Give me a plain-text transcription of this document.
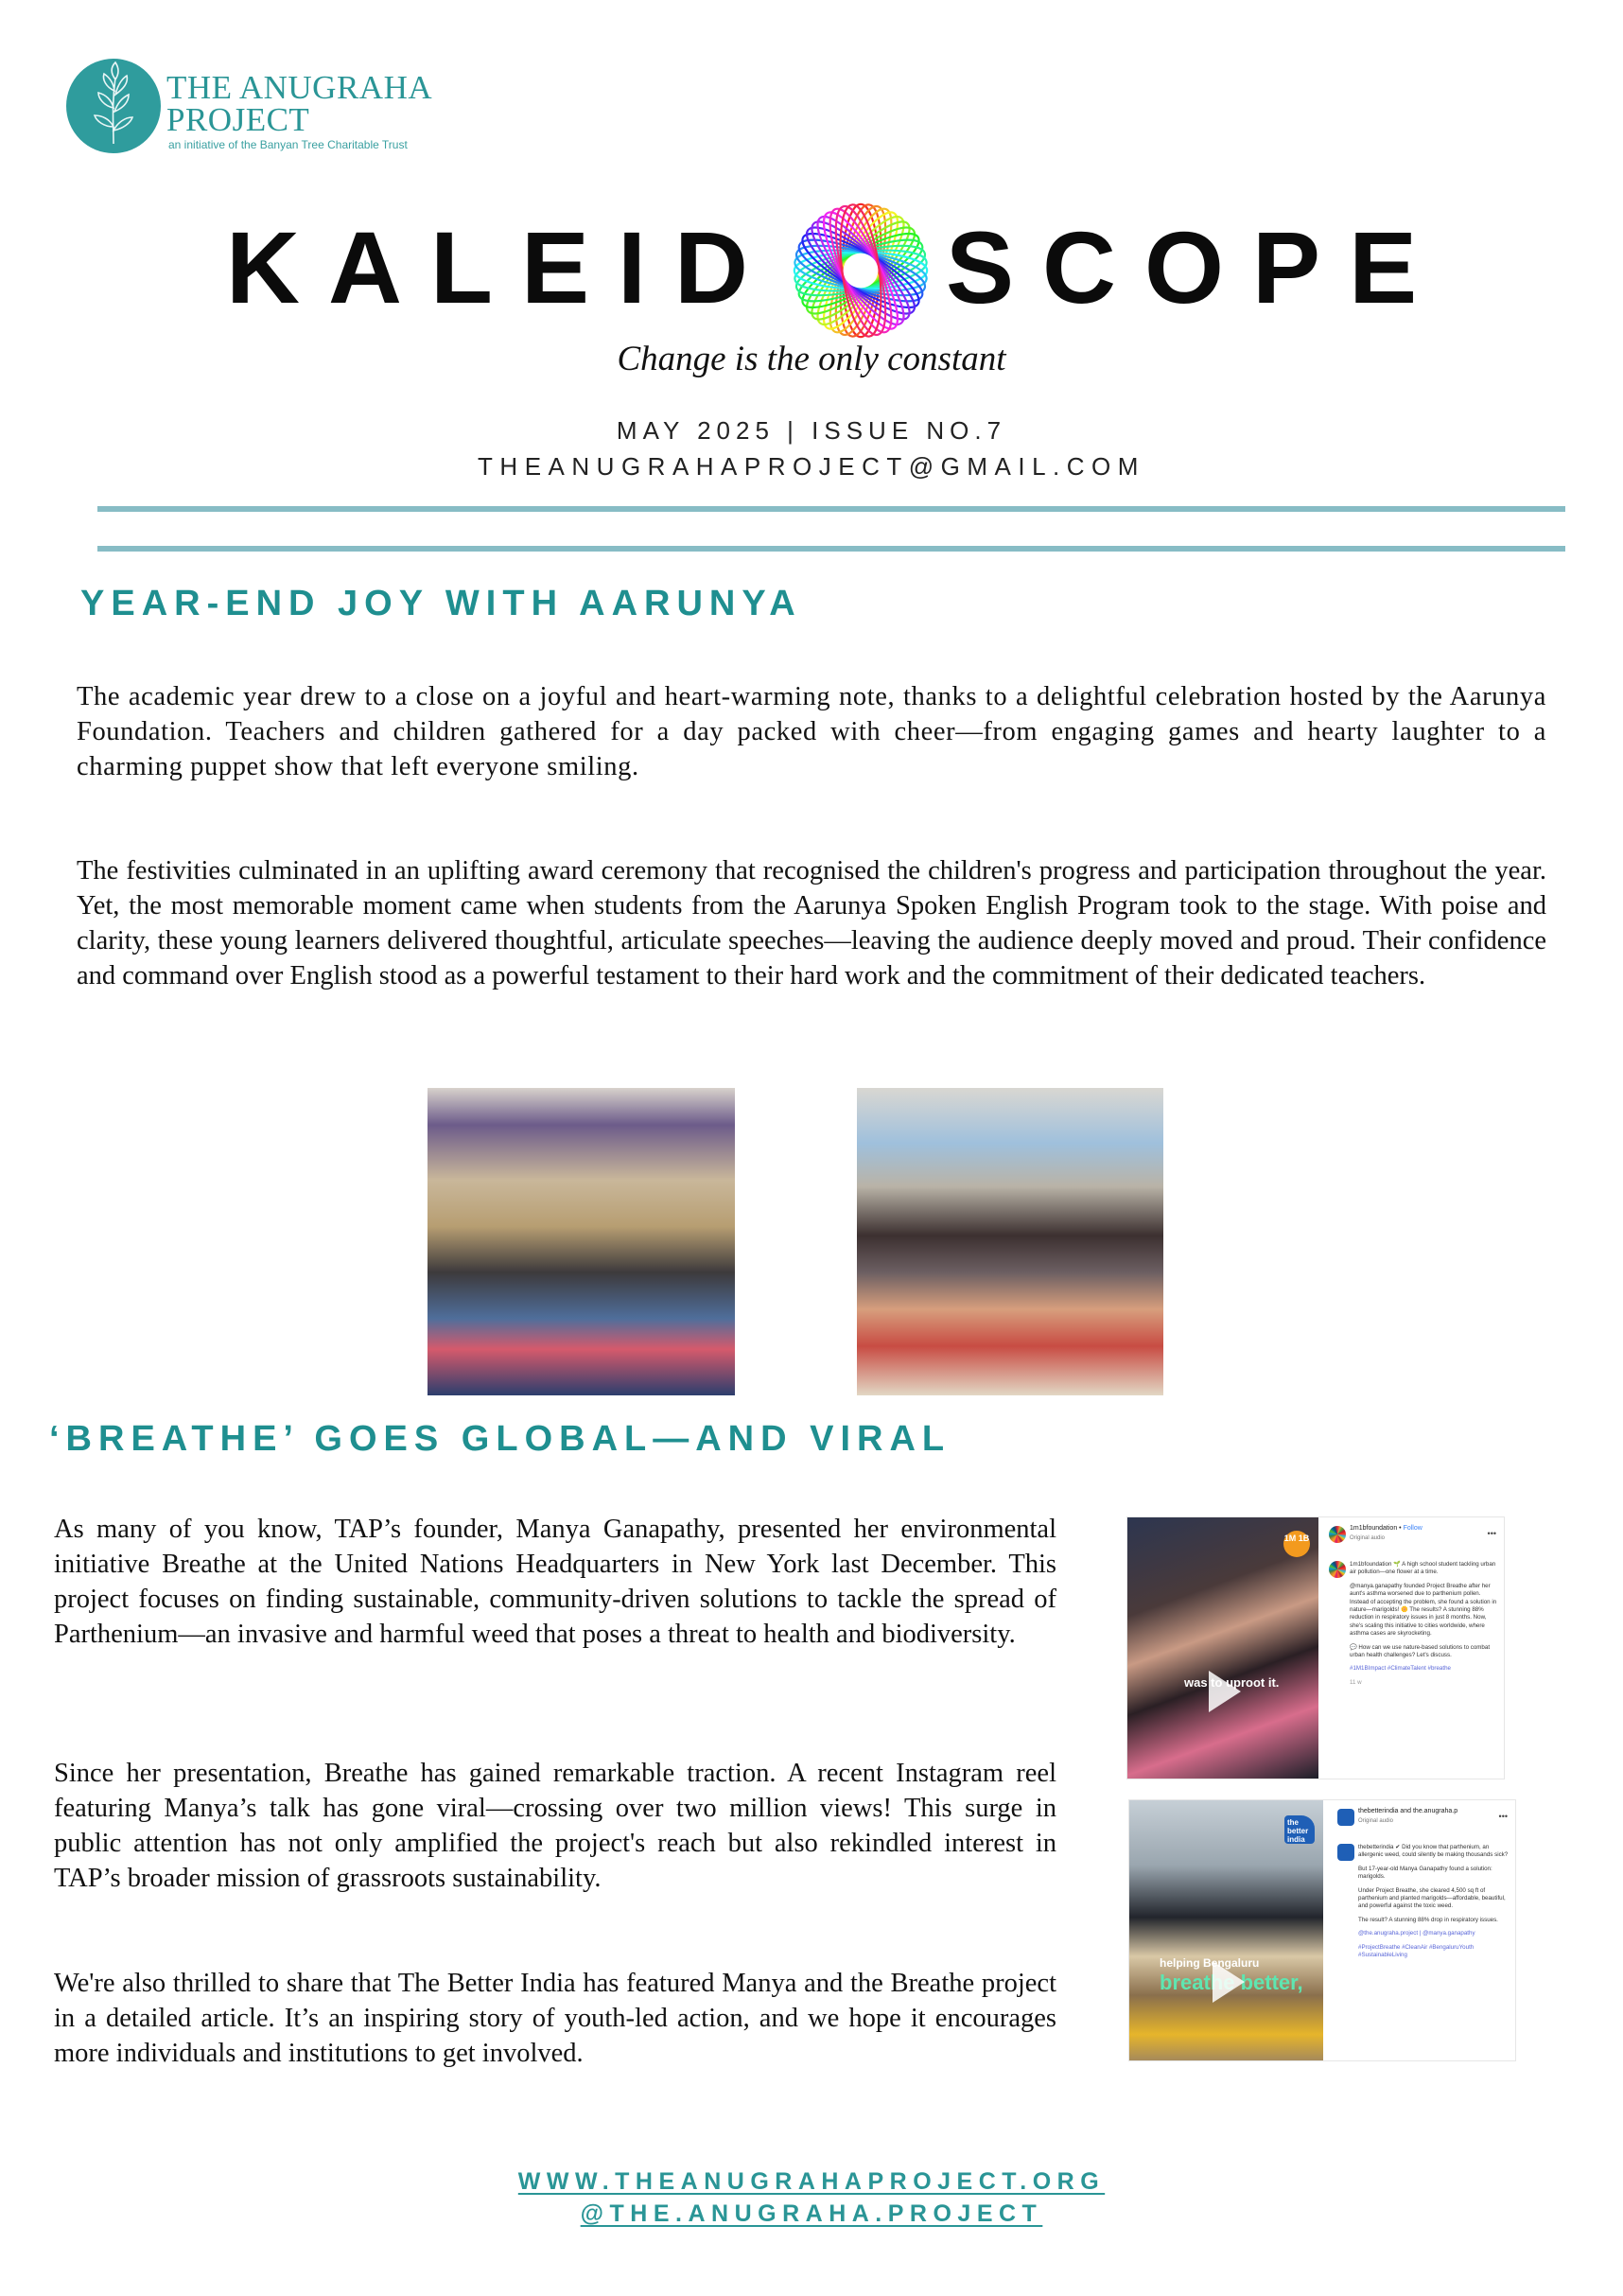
THE ANUGRAHA
PROJECT
an initiative of the Banyan Tree Charitable Trust
KALEID SCOPE
Change is the only constant
MAY 2025 | ISSUE NO.7
THEANUGRAHAPROJECT@GMAIL.COM
YEAR-END JOY WITH AARUNYA
The academic year drew to a close on a joyful and heart-warming note, thanks to a delightful celebration hosted by the Aarunya Foundation. Teachers and children gathered for a day packed with cheer—from engaging games and hearty laughter to a charming puppet show that left everyone smiling.
The festivities culminated in an uplifting award ceremony that recognised the children's progress and participation throughout the year. Yet, the most memorable moment came when students from the Aarunya Spoken English Program took to the stage. With poise and clarity, these young learners delivered thoughtful, articulate speeches—leaving the audience deeply moved and proud. Their confidence and command over English stood as a powerful testament to their hard work and the commitment of their dedicated teachers.
‘BREATHE’ GOES GLOBAL—AND VIRAL
As many of you know, TAP’s founder, Manya Ganapathy, presented her environmental initiative Breathe at the United Nations Headquarters in New York last December. This project focuses on finding sustainable, community-driven solutions to tackle the spread of Parthenium—an invasive and harmful weed that poses a threat to health and biodiversity.
Since her presentation, Breathe has gained remarkable traction. A recent Instagram reel featuring Manya’s talk has gone viral—crossing over two million views! This surge in public attention has not only amplified the project's reach but also rekindled interest in TAP’s broader mission of grassroots sustainability.
We're also thrilled to share that The Better India has featured Manya and the Breathe project in a detailed article. It’s an inspiring story of youth-led action, and we hope it encourages more individuals and institutions to get involved.
1M 1B
was to uproot it.
1m1bfoundation • Follow
Original audio	•••

1m1bfoundation 🌱 A high school student tackling urban air pollution—one flower at a time.

@manya.ganapathy founded Project Breathe after her aunt's asthma worsened due to parthenium pollen. Instead of accepting the problem, she found a solution in nature—marigolds! 🌼 The results? A stunning 88% reduction in respiratory issues in just 8 months. Now, she's scaling this initiative to cities worldwide, where asthma cases are skyrocketing.

💬 How can we use nature-based solutions to combat urban health challenges? Let's discuss.

#1M1BImpact #ClimateTalent #breathe

11 w

the better india
helping Bengaluru
breathe better,
thebetterindia and the.anugraha.p
Original audio	•••

thebetterindia ✔ Did you know that parthenium, an allergenic weed, could silently be making thousands sick?

But 17-year-old Manya Ganapathy found a solution: marigolds.

Under Project Breathe, she cleared 4,500 sq ft of parthenium and planted marigolds—affordable, beautiful, and powerful against the toxic weed.

The result? A stunning 88% drop in respiratory issues.

@the.anugraha.project | @manya.ganapathy

#ProjectBreathe #CleanAir #BengaluruYouth #SustainableLiving

WWW.THEANUGRAHAPROJECT.ORG
@THE.ANUGRAHA.PROJECT
